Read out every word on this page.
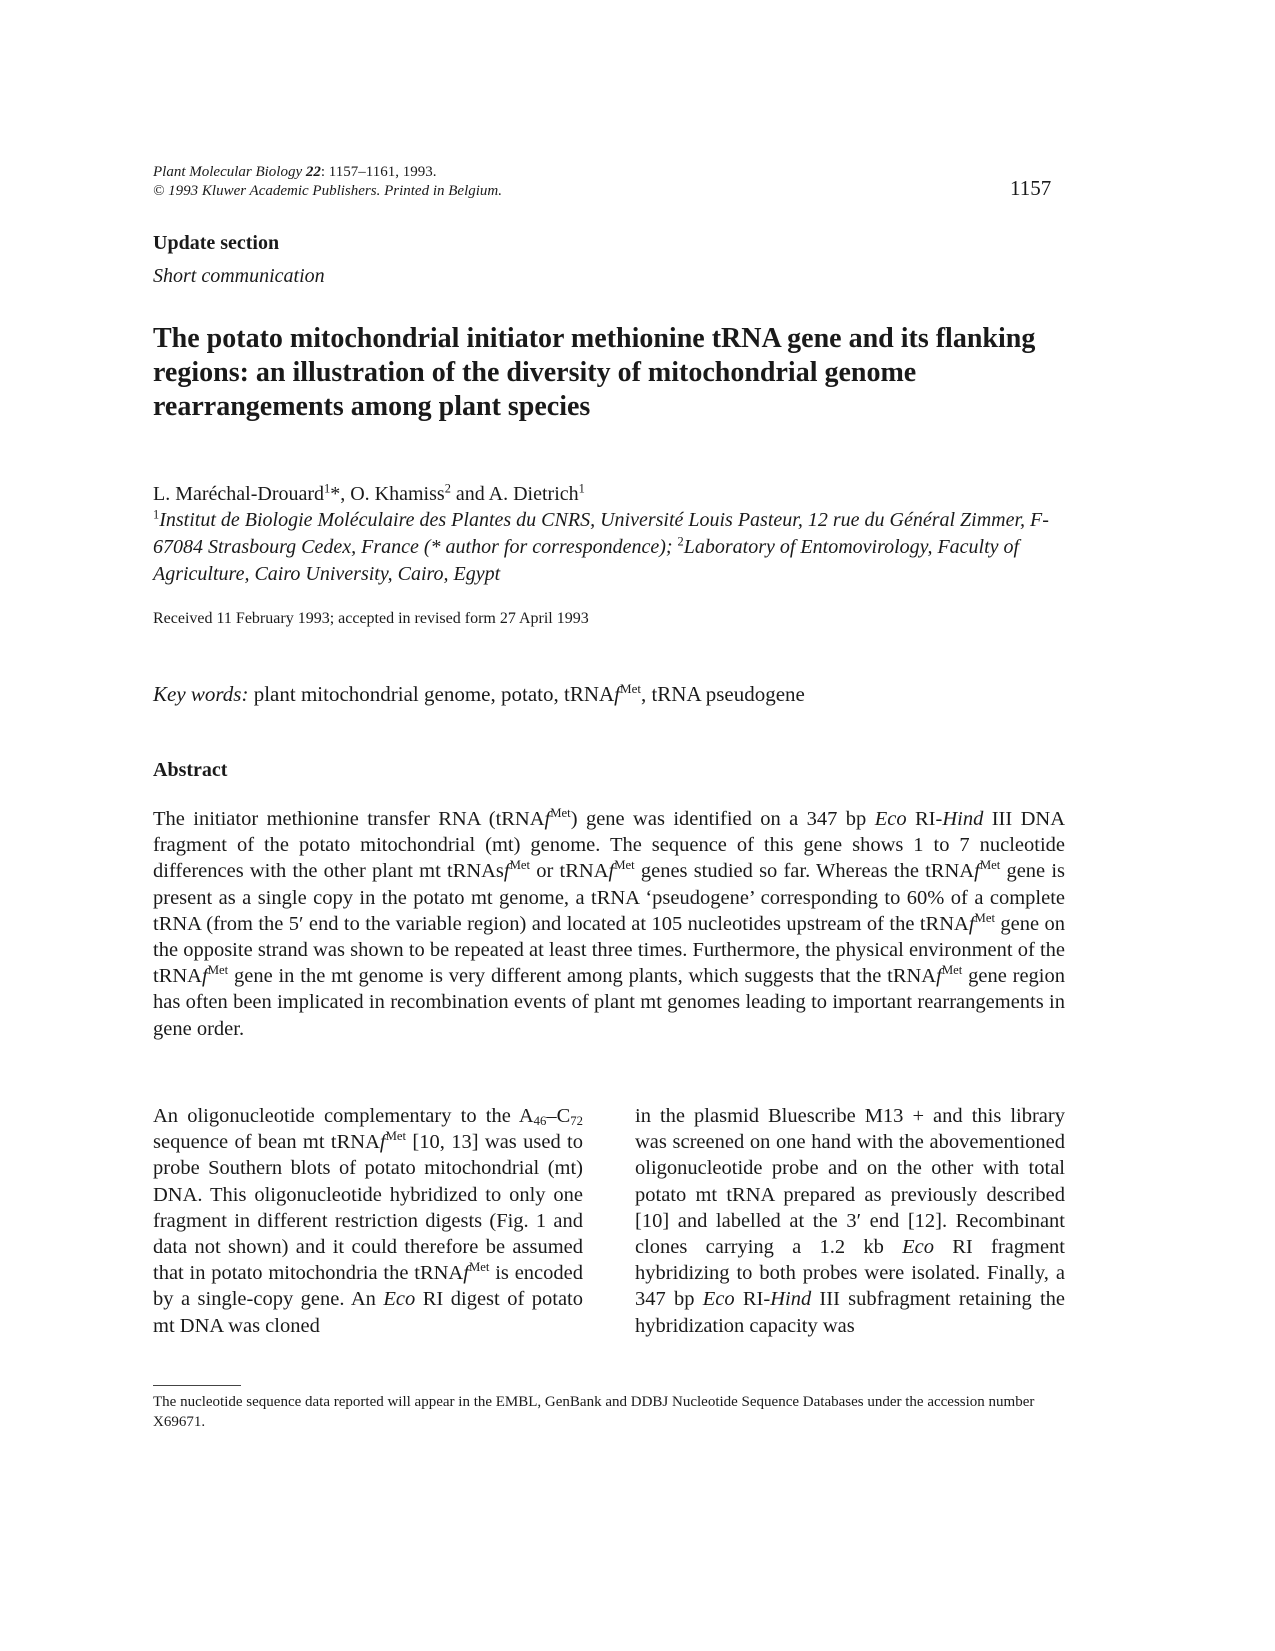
Plant Molecular Biology 22: 1157–1161, 1993.
© 1993 Kluwer Academic Publishers. Printed in Belgium.	1157
Update section
Short communication
The potato mitochondrial initiator methionine tRNA gene and its flanking regions: an illustration of the diversity of mitochondrial genome rearrangements among plant species
L. Maréchal-Drouard$^1$*, O. Khamiss$^2$ and A. Dietrich$^1$
$^1$Institut de Biologie Moléculaire des Plantes du CNRS, Université Louis Pasteur, 12 rue du Général Zimmer, F-67084 Strasbourg Cedex, France (* author for correspondence); $^2$Laboratory of Entomovirology, Faculty of Agriculture, Cairo University, Cairo, Egypt
Received 11 February 1993; accepted in revised form 27 April 1993
Key words: plant mitochondrial genome, potato, tRNAf$^{Met}$, tRNA pseudogene
Abstract
The initiator methionine transfer RNA (tRNAf$^{Met}$) gene was identified on a 347 bp Eco RI-Hind III DNA fragment of the potato mitochondrial (mt) genome. The sequence of this gene shows 1 to 7 nucleotide differences with the other plant mt tRNAsf$^{Met}$ or tRNAf$^{Met}$ genes studied so far. Whereas the tRNAf$^{Met}$ gene is present as a single copy in the potato mt genome, a tRNA ‘pseudogene’ corresponding to 60% of a complete tRNA (from the 5′ end to the variable region) and located at 105 nucleotides upstream of the tRNAf$^{Met}$ gene on the opposite strand was shown to be repeated at least three times. Furthermore, the physical environment of the tRNAf$^{Met}$ gene in the mt genome is very different among plants, which suggests that the tRNAf$^{Met}$ gene region has often been implicated in recombination events of plant mt genomes leading to important rearrangements in gene order.
An oligonucleotide complementary to the $A_{46}-C_{72}$ sequence of bean mt tRNAf$^{Met}$ [10, 13] was used to probe Southern blots of potato mitochondrial (mt) DNA. This oligonucleotide hybridized to only one fragment in different restriction digests (Fig. 1 and data not shown) and it could therefore be assumed that in potato mitochondria the tRNAf$^{Met}$ is encoded by a single-copy gene. An Eco RI digest of potato mt DNA was cloned
in the plasmid Bluescribe M13 + and this library was screened on one hand with the abovementioned oligonucleotide probe and on the other with total potato mt tRNA prepared as previously described [10] and labelled at the 3′ end [12]. Recombinant clones carrying a 1.2 kb Eco RI fragment hybridizing to both probes were isolated. Finally, a 347 bp Eco RI-Hind III subfragment retaining the hybridization capacity was
The nucleotide sequence data reported will appear in the EMBL, GenBank and DDBJ Nucleotide Sequence Databases under the accession number X69671.
